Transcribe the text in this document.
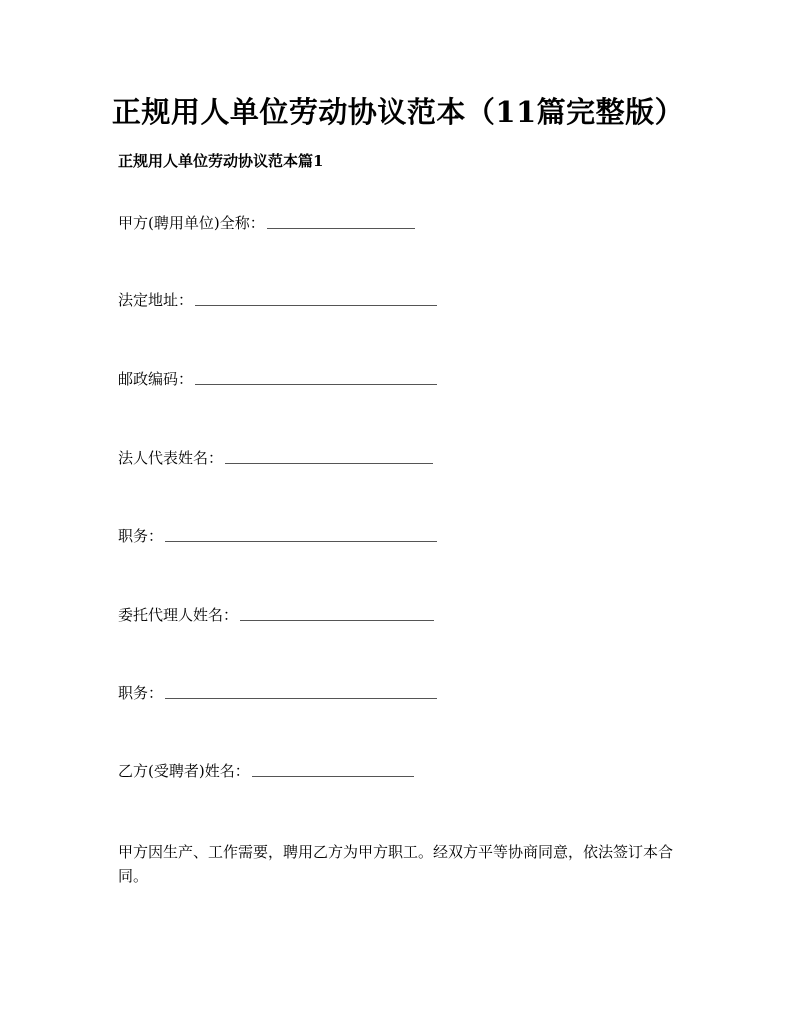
正规用人单位劳动协议范本（11篇完整版）
正规用人单位劳动协议范本篇1
甲方(聘用单位)全称：
法定地址：
邮政编码：
法人代表姓名：
职务：
委托代理人姓名：
职务：
乙方(受聘者)姓名：
甲方因生产、工作需要，聘用乙方为甲方职工。经双方平等协商同意，依法签订本合同。
